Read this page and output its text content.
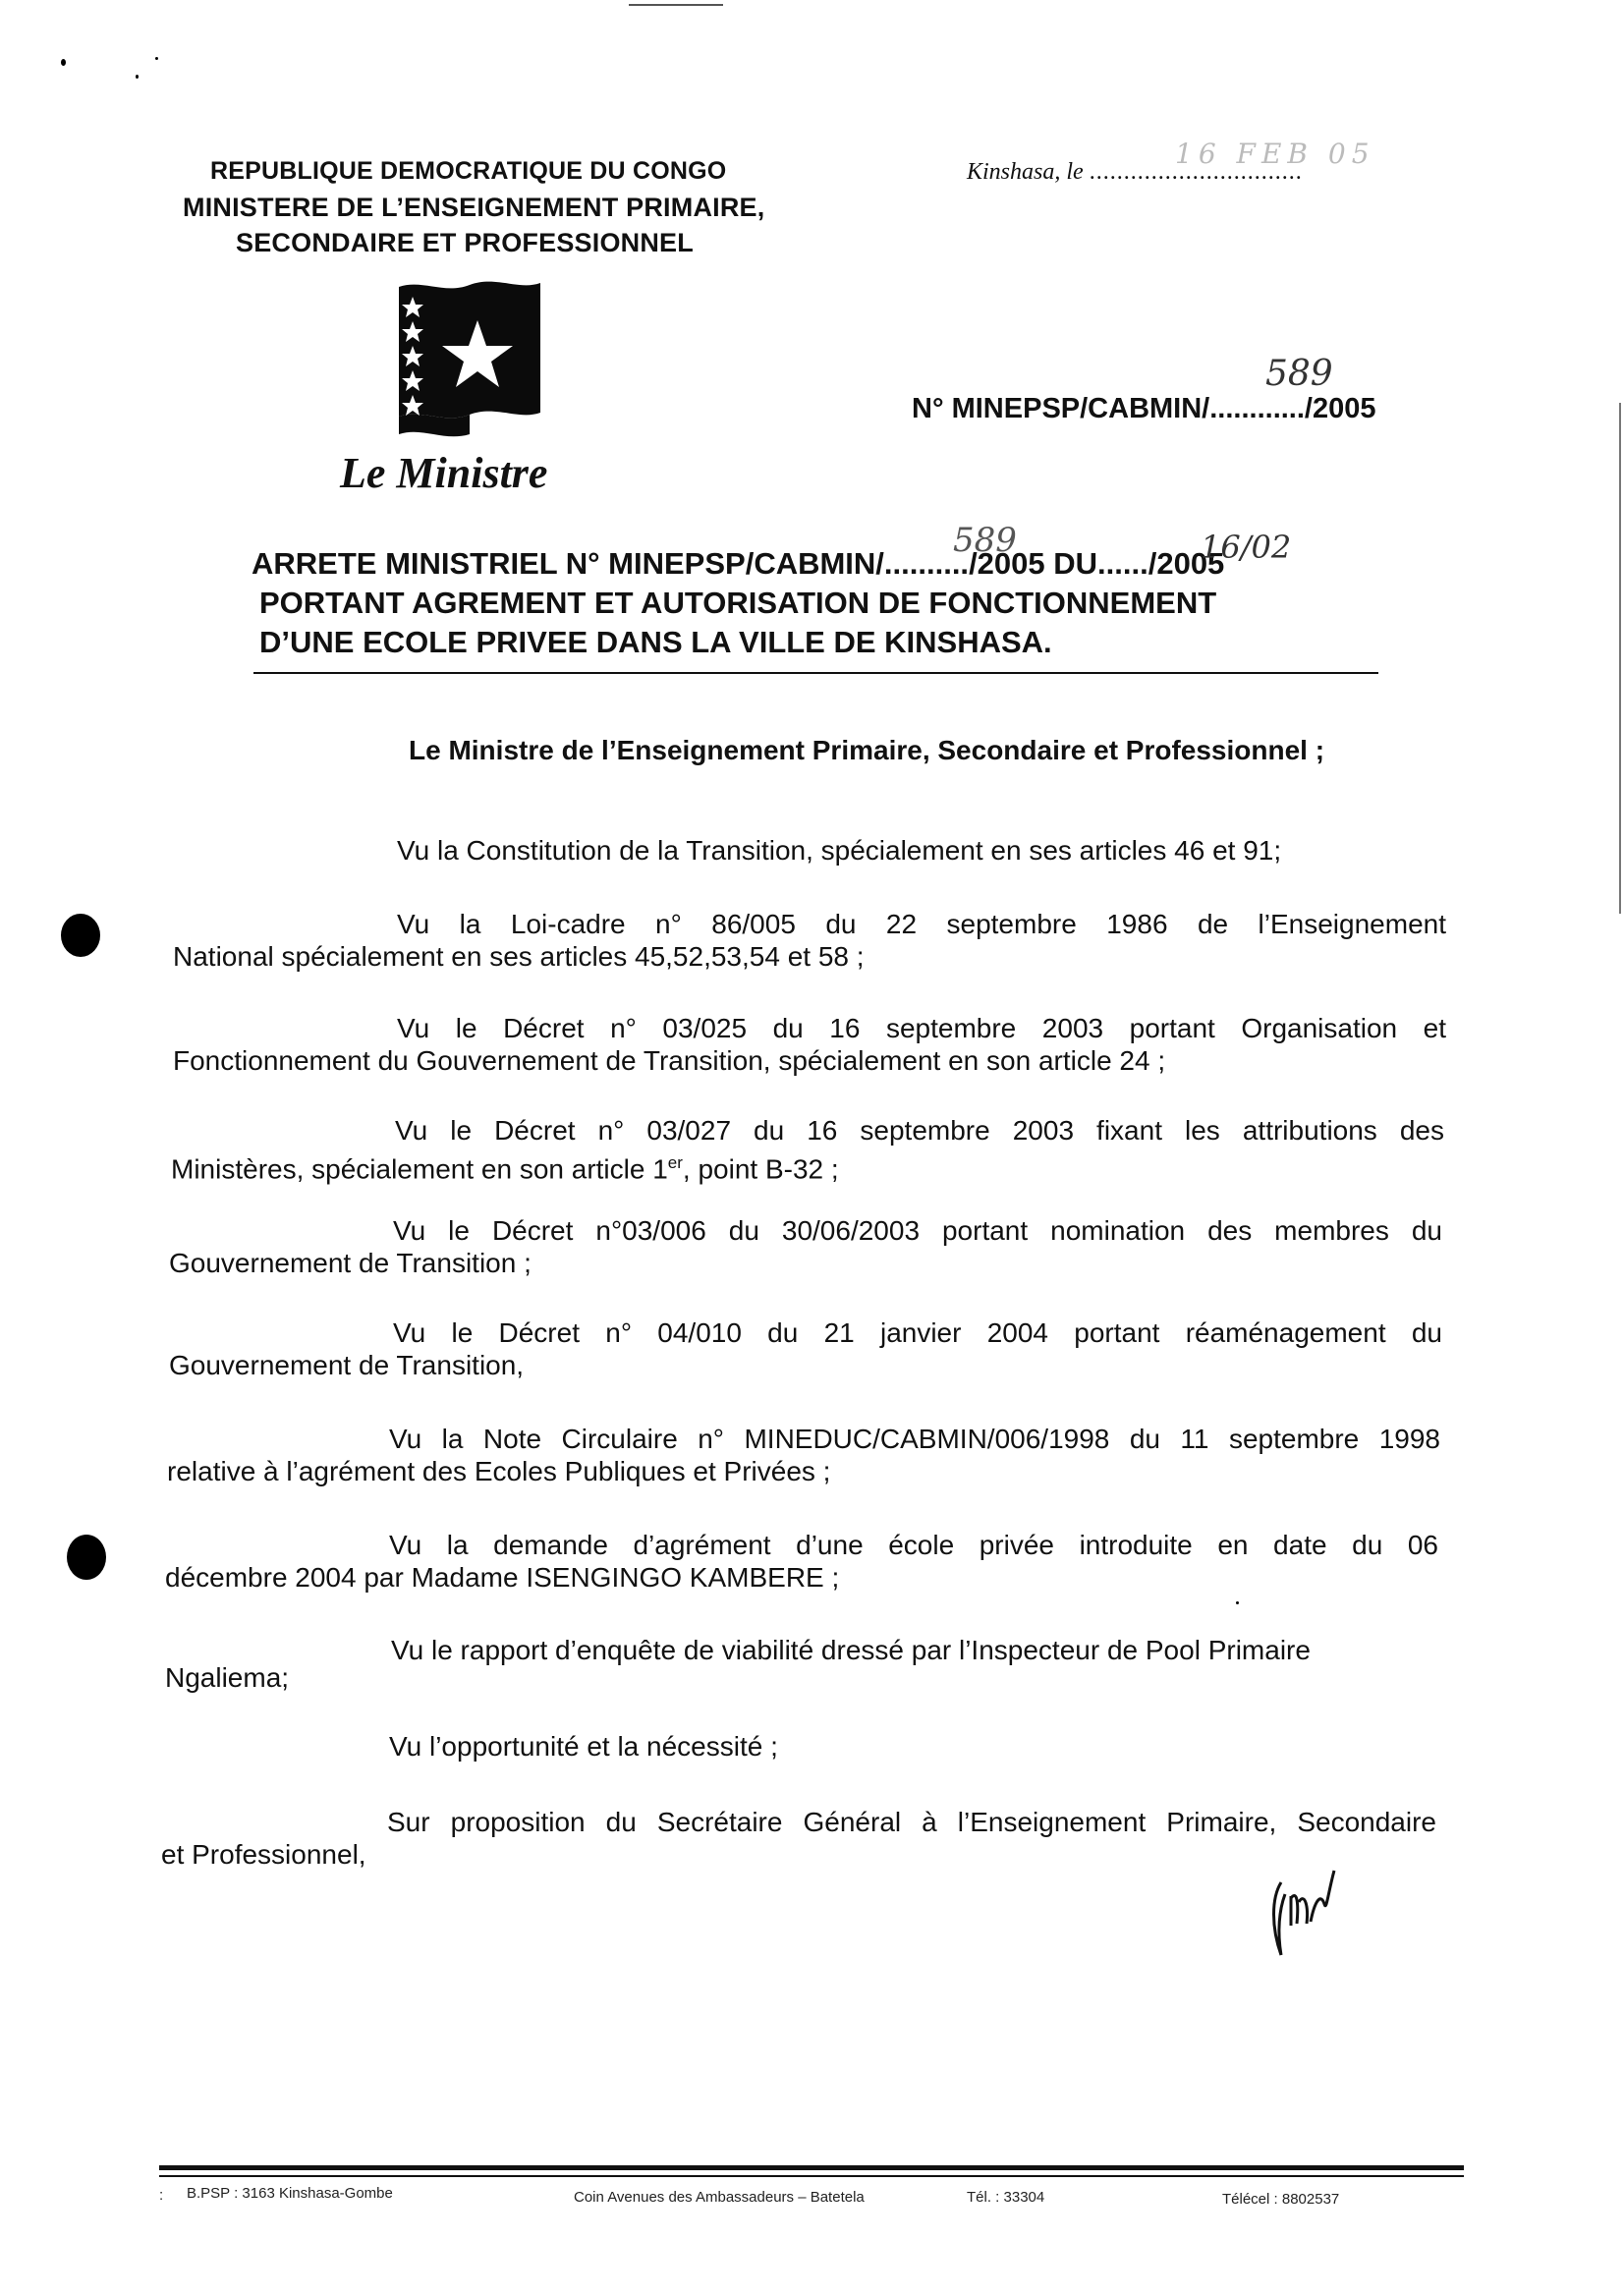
REPUBLIQUE DEMOCRATIQUE DU CONGO
MINISTERE DE L’ENSEIGNEMENT PRIMAIRE,
SECONDAIRE ET PROFESSIONNEL
Le Ministre
Kinshasa, le ...............................
16 FEB 05
N° MINEPSP/CABMIN/............/2005
589
ARRETE MINISTRIEL N° MINEPSP/CABMIN/........../2005 DU....../2005
589	16/02
PORTANT AGREMENT ET AUTORISATION DE FONCTIONNEMENT
D’UNE ECOLE PRIVEE DANS LA VILLE DE KINSHASA.
Le Ministre de l’Enseignement Primaire, Secondaire et Professionnel ;
Vu la Constitution de la Transition, spécialement en ses articles 46 et 91;
Vu la Loi-cadre n° 86/005 du 22 septembre 1986 de l’Enseignement
National spécialement en ses articles 45,52,53,54 et 58 ;
Vu le Décret n° 03/025 du 16 septembre 2003 portant Organisation et
Fonctionnement du Gouvernement de Transition, spécialement en son article 24 ;
Vu le Décret n° 03/027 du 16 septembre 2003 fixant les attributions des
Ministères, spécialement en son article 1er, point B-32 ;
Vu le Décret n°03/006 du 30/06/2003 portant nomination des membres du
Gouvernement de Transition ;
Vu le Décret n° 04/010 du 21 janvier 2004 portant réaménagement du
Gouvernement de Transition,
Vu la Note Circulaire n° MINEDUC/CABMIN/006/1998 du 11 septembre 1998
relative à l’agrément des Ecoles Publiques et Privées ;
Vu la demande d’agrément d’une école privée introduite en date du 06
décembre 2004 par Madame ISENGINGO KAMBERE ;
Vu le rapport d’enquête de viabilité dressé par l’Inspecteur de Pool Primaire
Ngaliema;
Vu l’opportunité et la nécessité ;
Sur proposition du Secrétaire Général à l’Enseignement Primaire, Secondaire
et Professionnel,
B.PSP : 3163 Kinshasa-Gombe	Coin Avenues des Ambassadeurs – Batetela	Tél. : 33304	Télécel : 8802537
:
